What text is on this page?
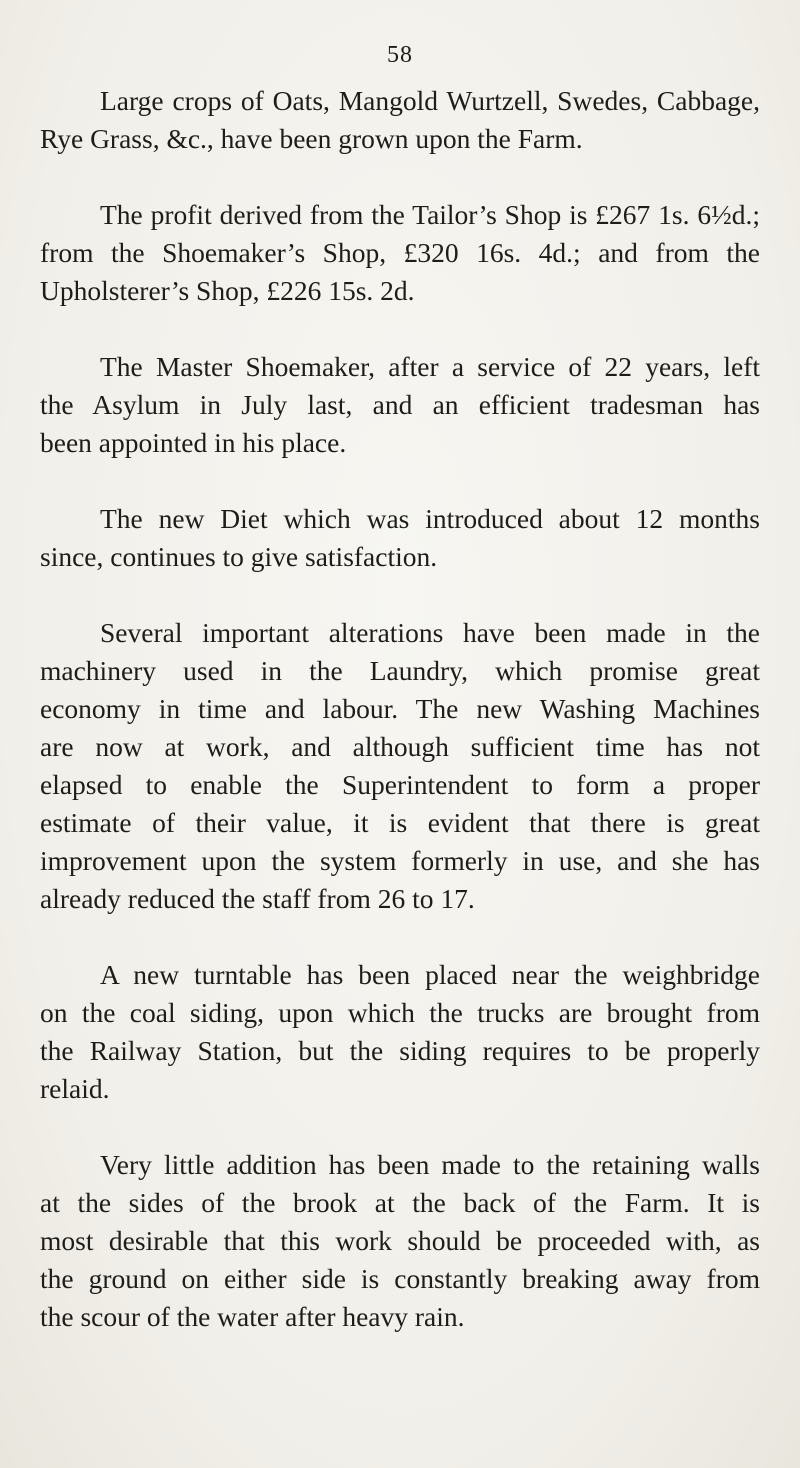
58
Large crops of Oats, Mangold Wurtzell, Swedes, Cabbage,
Rye Grass, &c., have been grown upon the Farm.
The profit derived from the Tailor’s Shop is £267 1s. 6½d.;
from the Shoemaker’s Shop, £320 16s. 4d.; and from the
Upholsterer’s Shop, £226 15s. 2d.
The Master Shoemaker, after a service of 22 years, left
the Asylum in July last, and an efficient tradesman has
been appointed in his place.
The new Diet which was introduced about 12 months
since, continues to give satisfaction.
Several important alterations have been made in the
machinery used in the Laundry, which promise great
economy in time and labour. The new Washing Machines
are now at work, and although sufficient time has not
elapsed to enable the Superintendent to form a proper
estimate of their value, it is evident that there is great
improvement upon the system formerly in use, and she has
already reduced the staff from 26 to 17.
A new turntable has been placed near the weighbridge
on the coal siding, upon which the trucks are brought from
the Railway Station, but the siding requires to be properly
relaid.
Very little addition has been made to the retaining walls
at the sides of the brook at the back of the Farm. It is
most desirable that this work should be proceeded with, as
the ground on either side is constantly breaking away from
the scour of the water after heavy rain.
